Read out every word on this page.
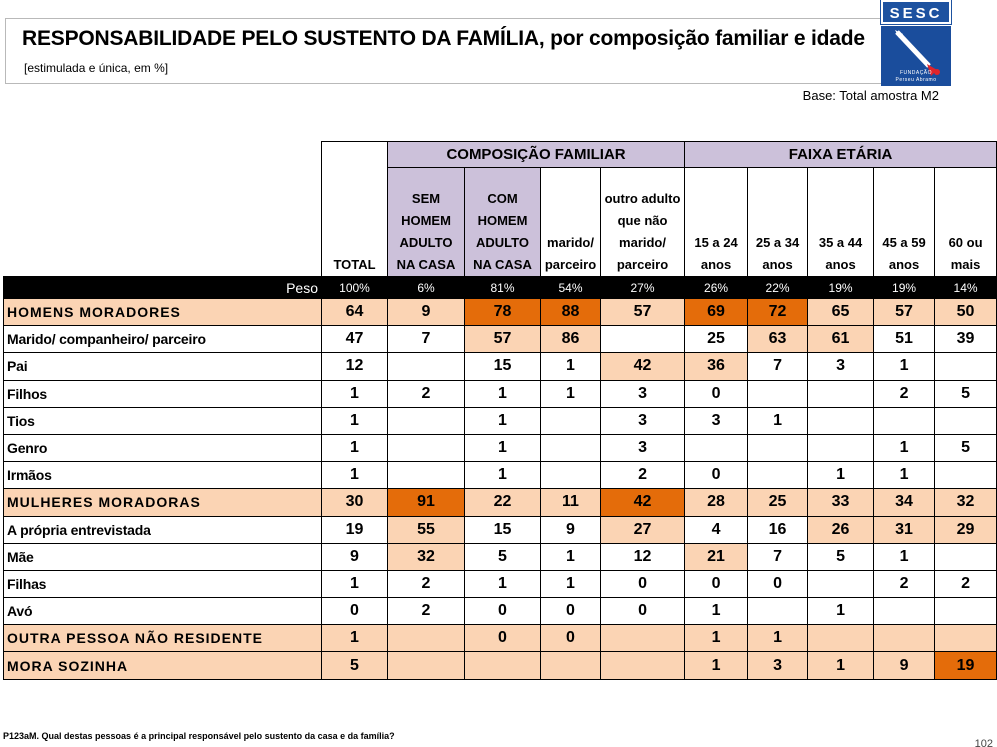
RESPONSABILIDADE PELO SUSTENTO DA FAMÍLIA, por composição familiar e idade
[estimulada e única, em %]
SESC
FUNDAÇÃO
Perseu Abramo
Base: Total amostra M2
		COMPOSIÇÃO FAMILIAR				FAIXA ETÁRIA				

	TOTAL	SEM
HOMEM
ADULTO
NA CASA	COM
HOMEM
ADULTO
NA CASA	marido/
parceiro	outro adulto
que não
marido/
parceiro	15 a 24
anos	25 a 34
anos	35 a 44
anos	45 a 59
anos	60 ou
mais

Peso	100%	6%	81%	54%	27%	26%	22%	19%	19%	14%
HOMENS MORADORES	64	9	78	88	57	69	72	65	57	50
Marido/ companheiro/ parceiro	47	7	57	86		25	63	61	51	39
Pai	12		15	1	42	36	7	3	1	
Filhos	1	2	1	1	3	0			2	5
Tios	1		1		3	3	1			
Genro	1		1		3				1	5
Irmãos	1		1		2	0		1	1	
MULHERES MORADORAS	30	91	22	11	42	28	25	33	34	32
A própria entrevistada	19	55	15	9	27	4	16	26	31	29
Mãe	9	32	5	1	12	21	7	5	1	
Filhas	1	2	1	1	0	0	0		2	2
Avó	0	2	0	0	0	1		1		
OUTRA PESSOA NÃO RESIDENTE	1		0	0		1	1			
MORA SOZINHA	5					1	3	1	9	19
P123aM. Qual destas pessoas é a principal responsável pelo sustento da casa e da família?
102
